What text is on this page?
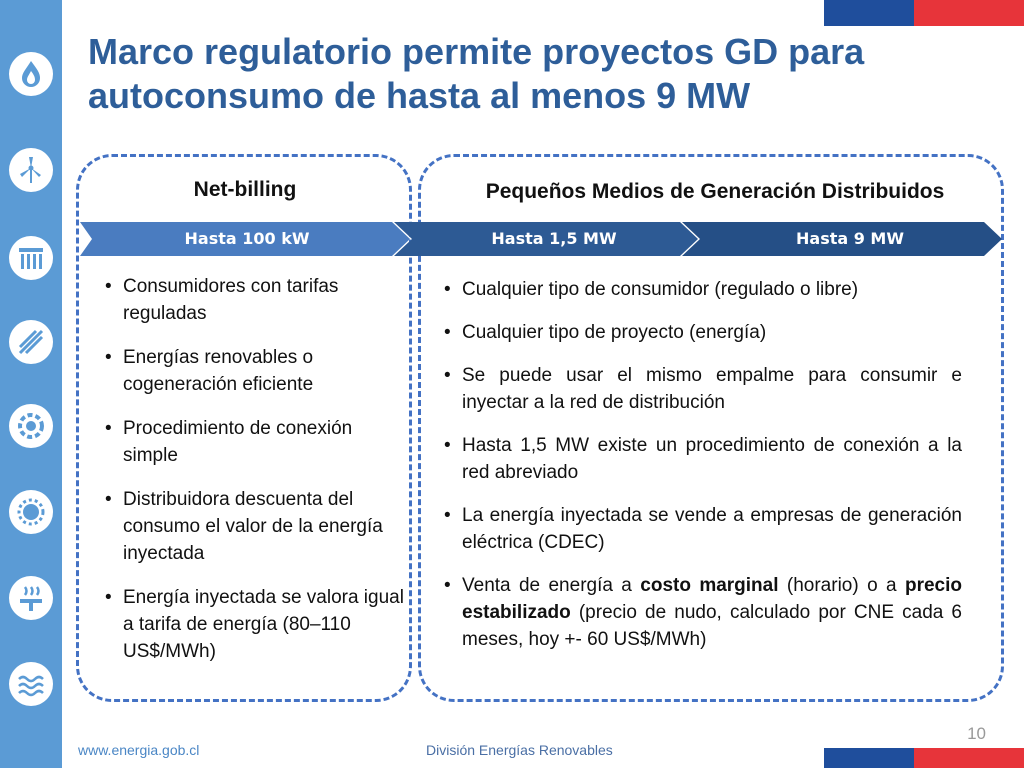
Marco regulatorio permite proyectos GD para
autoconsumo de hasta al menos 9 MW
Net-billing	Pequeños Medios de Generación Distribuidos
Hasta 100 kW	Hasta 1,5 MW	Hasta 9 MW
• Consumidores con tarifas reguladas
• Energías renovables o cogeneración eficiente
• Procedimiento de conexión simple
• Distribuidora descuenta del consumo el valor de la energía inyectada
• Energía inyectada se valora igual a tarifa de energía (80–110 US$/MWh)
• Cualquier tipo de consumidor (regulado o libre)
• Cualquier tipo de proyecto (energía)
• Se puede usar el mismo empalme para consumir e inyectar a la red de distribución
• Hasta 1,5 MW existe un procedimiento de conexión a la red abreviado
• La energía inyectada se vende a empresas de generación eléctrica (CDEC)
• Venta de energía a costo marginal (horario) o a precio estabilizado (precio de nudo, calculado por CNE cada 6 meses, hoy +- 60 US$/MWh)
www.energia.gob.cl	División Energías Renovables
10
